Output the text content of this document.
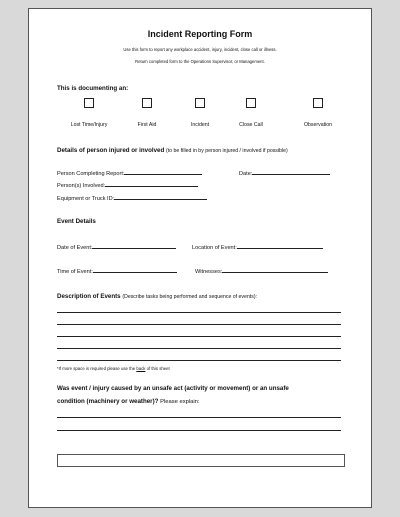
Incident Reporting Form
Use this form to report any workplace accident, injury, incident, close call or illness.
Return completed form to the Operations Supervisor, or Management.
This is documenting an:
Lost Time/Injury	First Aid	Incident	Close Call	Observation
Details of person injured or involved (to be filled in by person injured / involved if possible)
Person Completing Report:	Date:
Person(s) Involved:
Equipment or Truck ID:
Event Details
Date of Event:	Location of Event:
Time of Event:	Witnesses:
Description of Events (Describe tasks being performed and sequence of events):
*If more space is required please use the back of this sheet
Was event / injury caused by an unsafe act (activity or movement) or an unsafe
condition (machinery or weather)? Please explain:
